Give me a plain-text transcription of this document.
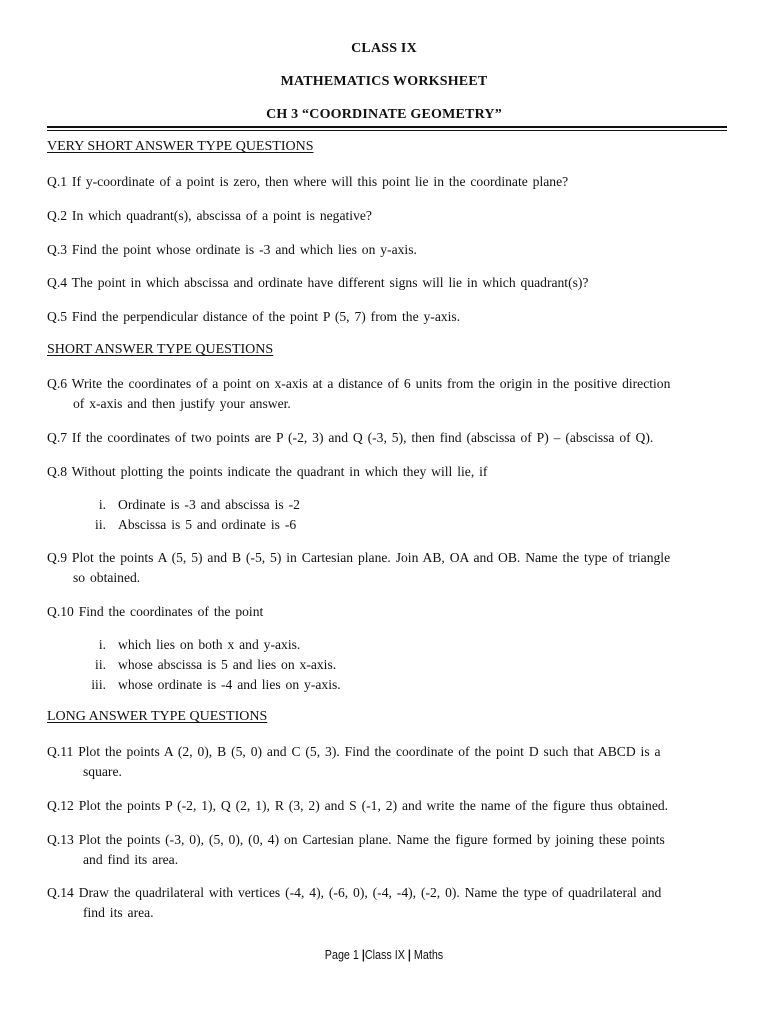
CLASS IX
MATHEMATICS WORKSHEET
CH 3 “COORDINATE GEOMETRY”
VERY SHORT ANSWER TYPE QUESTIONS
Q.1 If y-coordinate of a point is zero, then where will this point lie in the coordinate plane?
Q.2 In which quadrant(s), abscissa of a point is negative?
Q.3 Find the point whose ordinate is -3 and which lies on y-axis.
Q.4 The point in which abscissa and ordinate have different signs will lie in which quadrant(s)?
Q.5 Find the perpendicular distance of the point P (5, 7) from the y-axis.
SHORT ANSWER TYPE QUESTIONS
Q.6 Write the coordinates of a point on x-axis at a distance of 6 units from the origin in the positive direction
of x-axis and then justify your answer.
Q.7 If the coordinates of two points are P (-2, 3) and Q (-3, 5), then find (abscissa of P) – (abscissa of Q).
Q.8 Without plotting the points indicate the quadrant in which they will lie, if
i. Ordinate is -3 and abscissa is -2
ii. Abscissa is 5 and ordinate is -6
Q.9 Plot the points A (5, 5) and B (-5, 5) in Cartesian plane. Join AB, OA and OB. Name the type of triangle
so obtained.
Q.10 Find the coordinates of the point
i. which lies on both x and y-axis.
ii. whose abscissa is 5 and lies on x-axis.
iii. whose ordinate is -4 and lies on y-axis.
LONG ANSWER TYPE QUESTIONS
Q.11 Plot the points A (2, 0), B (5, 0) and C (5, 3). Find the coordinate of the point D such that ABCD is a
square.
Q.12 Plot the points P (-2, 1), Q (2, 1), R (3, 2) and S (-1, 2) and write the name of the figure thus obtained.
Q.13 Plot the points (-3, 0), (5, 0), (0, 4) on Cartesian plane. Name the figure formed by joining these points
and find its area.
Q.14 Draw the quadrilateral with vertices (-4, 4), (-6, 0), (-4, -4), (-2, 0). Name the type of quadrilateral and
find its area.
Page 1 |Class IX | Maths
